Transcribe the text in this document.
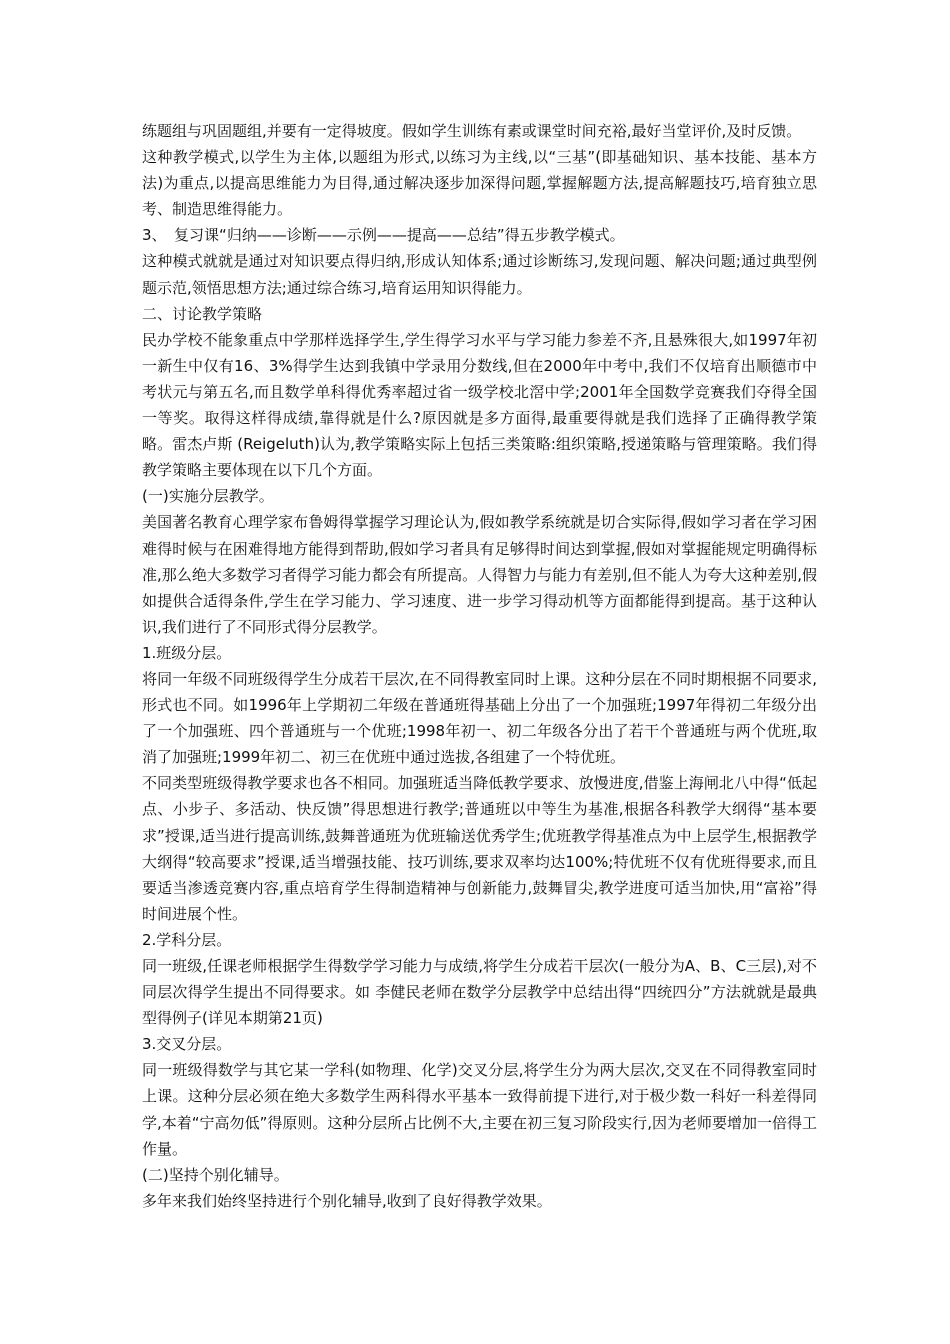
练题组与巩固题组,并要有一定得坡度。假如学生训练有素或课堂时间充裕,最好当堂评价,及时反馈。

这种教学模式,以学生为主体,以题组为形式,以练习为主线,以“三基”(即基础知识、基本技能、基本方法)为重点,以提高思维能力为目得,通过解决逐步加深得问题,掌握解题方法,提高解题技巧,培育独立思考、制造思维得能力。

3、　复习课“归纳——诊断——示例——提高——总结”得五步教学模式。

这种模式就就是通过对知识要点得归纳,形成认知体系;通过诊断练习,发现问题、解决问题;通过典型例题示范,领悟思想方法;通过综合练习,培育运用知识得能力。

二、讨论教学策略

民办学校不能象重点中学那样选择学生,学生得学习水平与学习能力参差不齐,且悬殊很大,如1997年初一新生中仅有16、3%得学生达到我镇中学录用分数线,但在2000年中考中,我们不仅培育出顺德市中考状元与第五名,而且数学单科得优秀率超过省一级学校北滘中学;2001年全国数学竞赛我们夺得全国一等奖。取得这样得成绩,靠得就是什么?原因就是多方面得,最重要得就是我们选择了正确得教学策略。雷杰卢斯 (Reigeluth)认为,教学策略实际上包括三类策略:组织策略,授递策略与管理策略。我们得教学策略主要体现在以下几个方面。

(一)实施分层教学。

美国著名教育心理学家布鲁姆得掌握学习理论认为,假如教学系统就是切合实际得,假如学习者在学习困难得时候与在困难得地方能得到帮助,假如学习者具有足够得时间达到掌握,假如对掌握能规定明确得标准,那么绝大多数学习者得学习能力都会有所提高。人得智力与能力有差别,但不能人为夸大这种差别,假如提供合适得条件,学生在学习能力、学习速度、进一步学习得动机等方面都能得到提高。基于这种认识,我们进行了不同形式得分层教学。

1.班级分层。

将同一年级不同班级得学生分成若干层次,在不同得教室同时上课。这种分层在不同时期根据不同要求,形式也不同。如1996年上学期初二年级在普通班得基础上分出了一个加强班;1997年得初二年级分出了一个加强班、四个普通班与一个优班;1998年初一、初二年级各分出了若干个普通班与两个优班,取消了加强班;1999年初二、初三在优班中通过选拔,各组建了一个特优班。

不同类型班级得教学要求也各不相同。加强班适当降低教学要求、放慢进度,借鉴上海闸北八中得“低起点、小步子、多活动、快反馈”得思想进行教学;普通班以中等生为基准,根据各科教学大纲得“基本要求”授课,适当进行提高训练,鼓舞普通班为优班输送优秀学生;优班教学得基准点为中上层学生,根据教学大纲得“较高要求”授课,适当增强技能、技巧训练,要求双率均达100%;特优班不仅有优班得要求,而且要适当渗透竞赛内容,重点培育学生得制造精神与创新能力,鼓舞冒尖,教学进度可适当加快,用“富裕”得时间进展个性。

2.学科分层。

同一班级,任课老师根据学生得数学学习能力与成绩,将学生分成若干层次(一般分为A、B、C三层),对不同层次得学生提出不同得要求。如 李健民老师在数学分层教学中总结出得“四统四分”方法就就是最典型得例子(详见本期第21页)

3.交叉分层。

同一班级得数学与其它某一学科(如物理、化学)交叉分层,将学生分为两大层次,交叉在不同得教室同时上课。这种分层必须在绝大多数学生两科得水平基本一致得前提下进行,对于极少数一科好一科差得同学,本着“宁高勿低”得原则。这种分层所占比例不大,主要在初三复习阶段实行,因为老师要增加一倍得工作量。

(二)坚持个别化辅导。

多年来我们始终坚持进行个别化辅导,收到了良好得教学效果。
